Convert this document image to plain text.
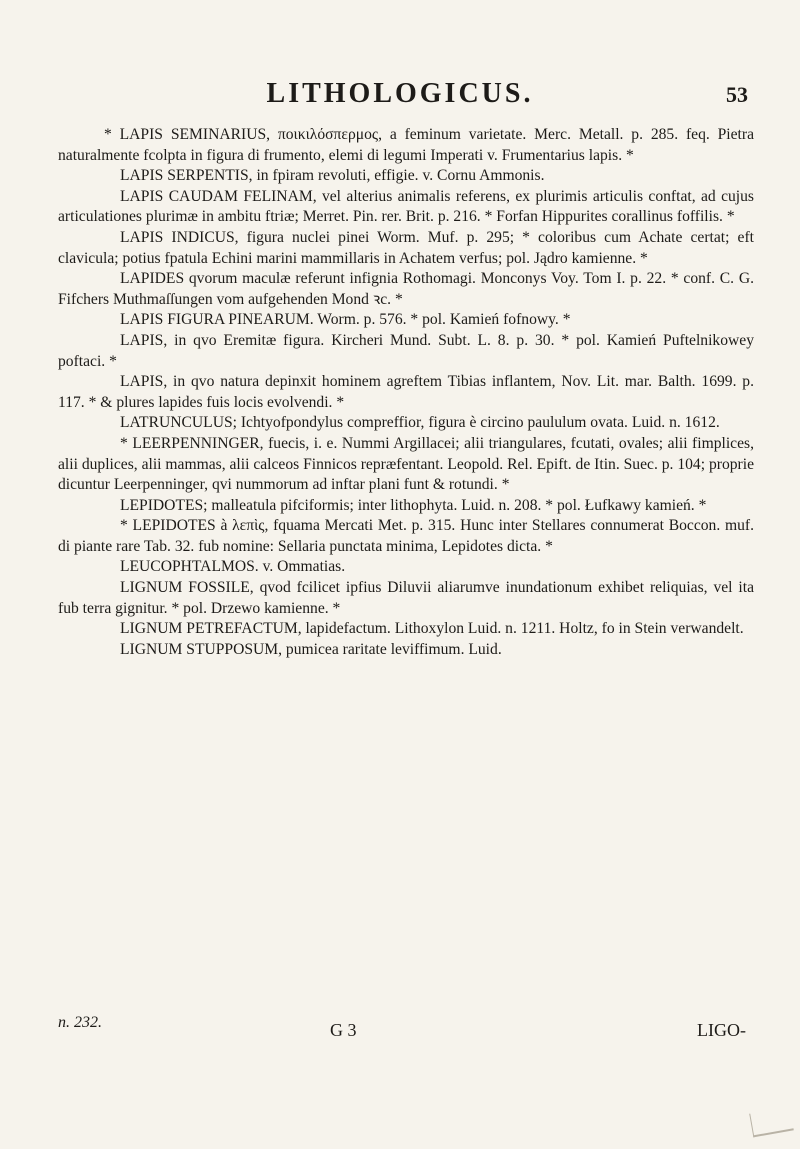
LITHOLOGICUS.	53

* LAPIS SEMINARIUS, ποικιλόσπερμος, a feminum varietate. Merc. Metall. p. 285. feq. Pietra naturalmente fcolpta in figura di frumento, elemi di legumi Imperati v. Frumentarius lapis. *

LAPIS SERPENTIS, in fpiram revoluti, effigie. v. Cornu Ammonis.

LAPIS CAUDAM FELINAM, vel alterius animalis referens, ex plurimis articulis conftat, ad cujus articulationes plurimæ in ambitu ftriæ; Merret. Pin. rer. Brit. p. 216. * Forfan Hippurites corallinus foffilis. *

LAPIS INDICUS, figura nuclei pinei Worm. Muf. p. 295; * coloribus cum Achate certat; eft clavicula; potius fpatula Echini marini mammillaris in Achatem verfus; pol. Jądro kamienne. *

LAPIDES qvorum maculæ referunt infignia Rothomagi. Monconys Voy. Tom I. p. 22. * conf. C. G. Fifchers Muthmaſſungen vom aufgehenden Mond ꝛc. *

LAPIS FIGURA PINEARUM. Worm. p. 576. * pol. Kamień fofnowy. *

LAPIS, in qvo Eremitæ figura. Kircheri Mund. Subt. L. 8. p. 30. * pol. Kamień Puftelnikowey poftaci. *

LAPIS, in qvo natura depinxit hominem agreftem Tibias inflantem, Nov. Lit. mar. Balth. 1699. p. 117. * & plures lapides fuis locis evolvendi. *

LATRUNCULUS; Ichtyofpondylus compreffior, figura è circino paululum ovata. Luid. n. 1612.

* LEERPENNINGER, fuecis, i. e. Nummi Argillacei; alii triangulares, fcutati, ovales; alii fimplices, alii duplices, alii mammas, alii calceos Finnicos repræfentant. Leopold. Rel. Epift. de Itin. Suec. p. 104; proprie dicuntur Leerpenninger, qvi nummorum ad inftar plani funt & rotundi. *

LEPIDOTES; malleatula pifciformis; inter lithophyta. Luid. n. 208. * pol. Łufkawy kamień. *

* LEPIDOTES à λεπὶς, fquama Mercati Met. p. 315. Hunc inter Stellares connumerat Boccon. muf. di piante rare Tab. 32. fub nomine: Sellaria punctata minima, Lepidotes dicta. *

LEUCOPHTALMOS. v. Ommatias.

LIGNUM FOSSILE, qvod fcilicet ipfius Diluvii aliarumve inundationum exhibet reliquias, vel ita fub terra gignitur. * pol. Drzewo kamienne. *

LIGNUM PETREFACTUM, lapidefactum. Lithoxylon Luid. n. 1211. Holtz, fo in Stein verwandelt.

LIGNUM STUPPOSUM, pumicea raritate leviffimum. Luid.

n. 232.	G 3	LIGO-
